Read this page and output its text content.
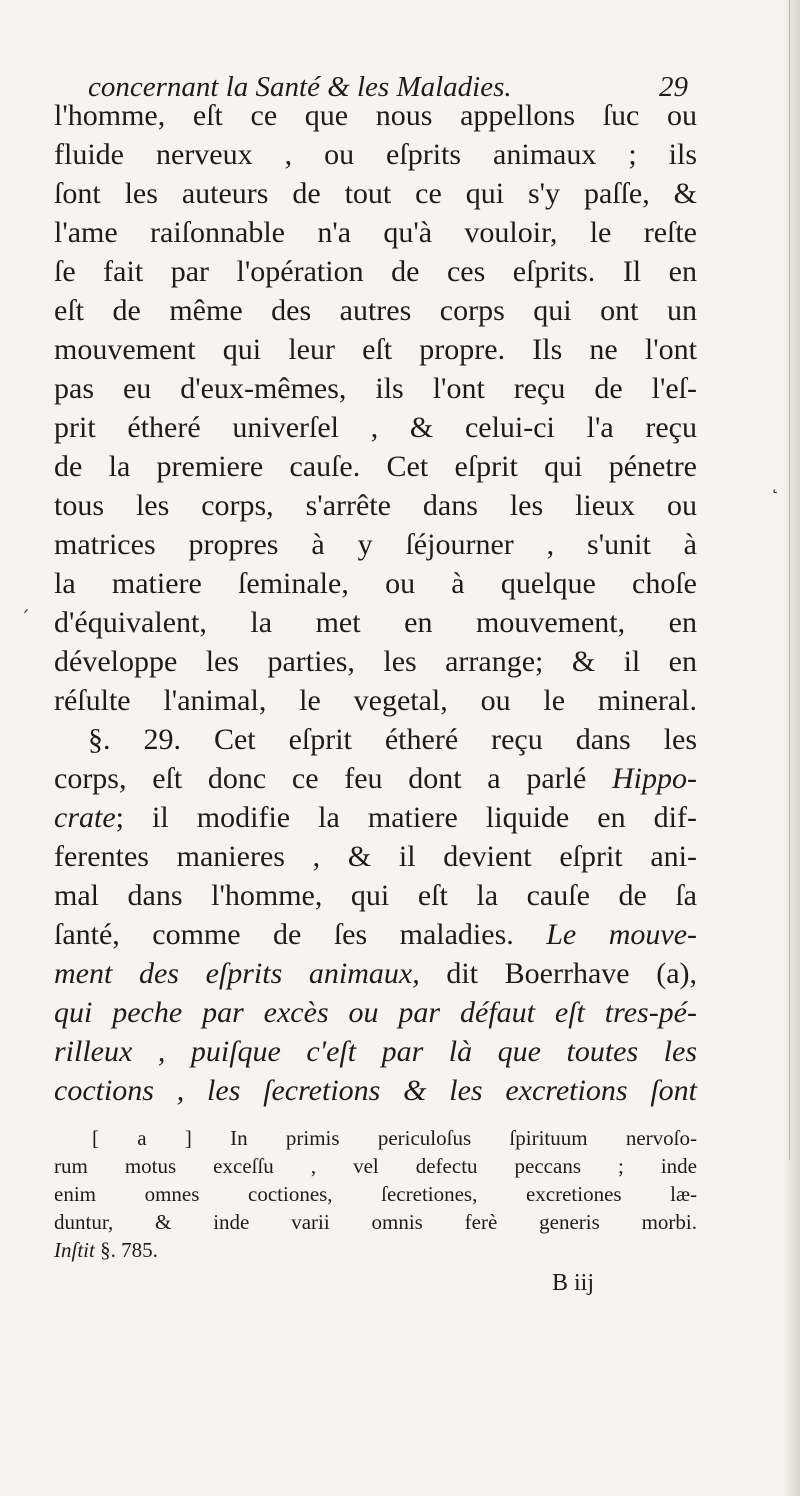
concernant la Santé & les Maladies.	29
l'homme, eſt ce que nous appellons ſuc ou
fluide nerveux , ou eſprits animaux ; ils
ſont les auteurs de tout ce qui s'y paſſe, &
l'ame raiſonnable n'a qu'à vouloir, le reſte
ſe fait par l'opération de ces eſprits. Il en
eſt de même des autres corps qui ont un
mouvement qui leur eſt propre. Ils ne l'ont
pas eu d'eux-mêmes, ils l'ont reçu de l'eſ-
prit étheré univerſel , & celui-ci l'a reçu
de la premiere cauſe. Cet eſprit qui pénetre
tous les corps, s'arrête dans les lieux ou
matrices propres à y ſéjourner , s'unit à
la matiere ſeminale, ou à quelque choſe
d'équivalent, la met en mouvement, en
développe les parties, les arrange; & il en
réſulte l'animal, le vegetal, ou le mineral.
§. 29. Cet eſprit étheré reçu dans les
corps, eſt donc ce feu dont a parlé Hippo-
crate; il modifie la matiere liquide en dif-
ferentes manieres , & il devient eſprit ani-
mal dans l'homme, qui eſt la cauſe de ſa
ſanté, comme de ſes maladies. Le mouve-
ment des eſprits animaux, dit Boerrhave (a),
qui peche par excès ou par défaut eſt tres-pé-
rilleux , puiſque c'eſt par là que toutes les
coctions , les ſecretions & les excretions ſont
[ a ] In primis periculoſus ſpirituum nervoſo-
rum motus exceſſu , vel defectu peccans ; inde
enim omnes coctiones, ſecretiones, excretiones læ-
duntur, & inde varii omnis ferè generis morbi.
Inſtit §. 785.
B iij
˛
ˊ
